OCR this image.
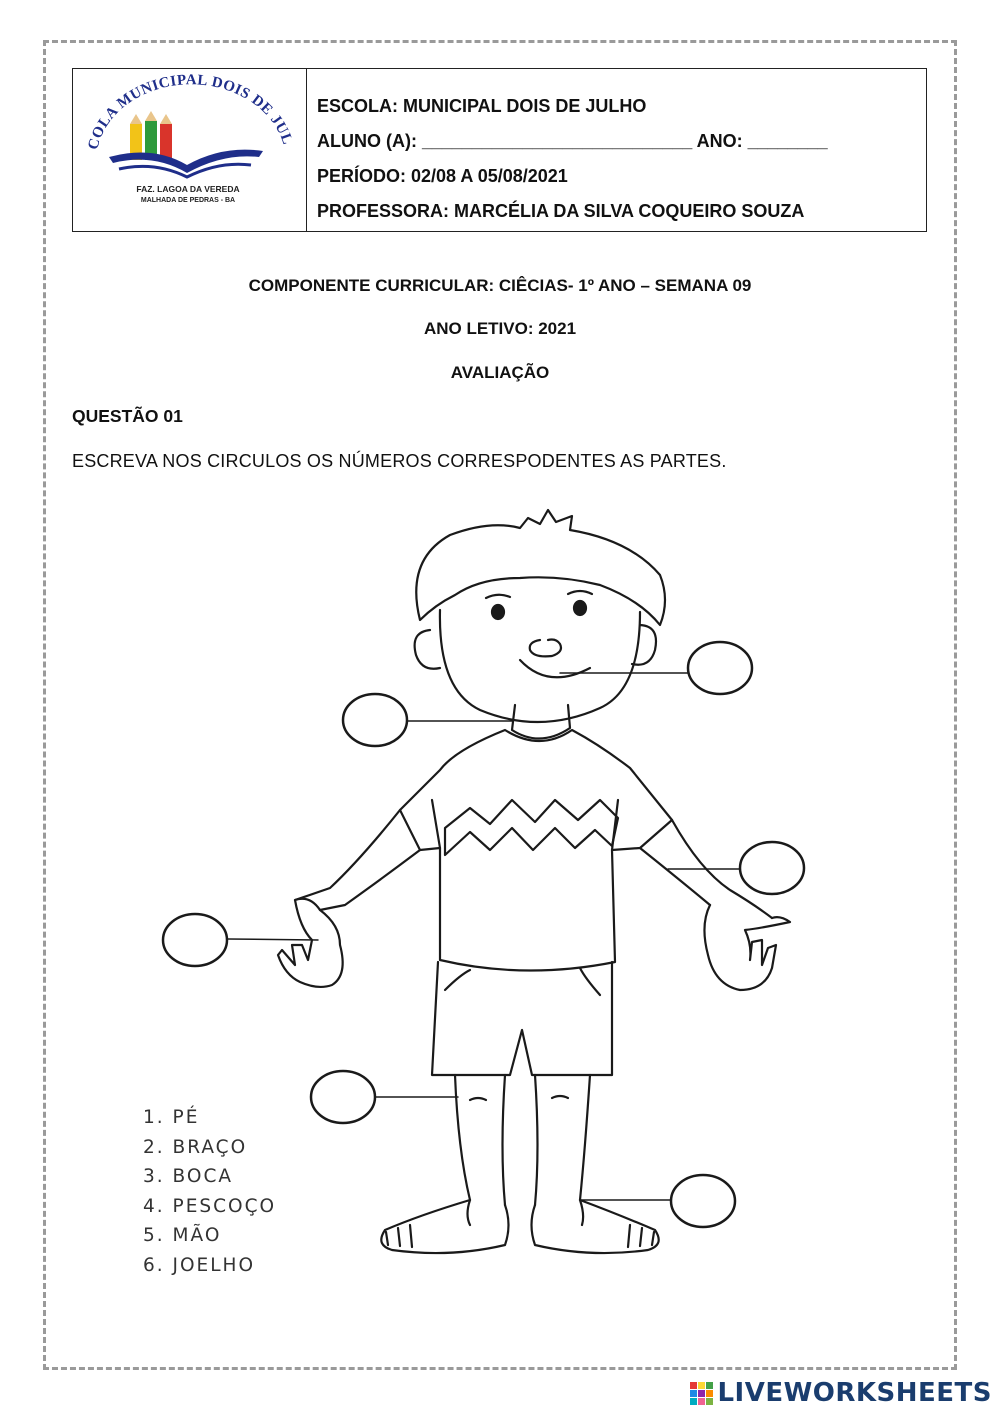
COLA MUNICIPAL DOIS DE JUL
FAZ. LAGOA DA VEREDA
MALHADA DE PEDRAS - BA
ESCOLA: MUNICIPAL DOIS DE JULHO
ALUNO (A): ___________________________ ANO: ________
PERÍODO: 02/08 A 05/08/2021
PROFESSORA: MARCÉLIA DA SILVA COQUEIRO SOUZA
COMPONENTE CURRICULAR: CIÊCIAS- 1º ANO – SEMANA 09
ANO LETIVO: 2021
AVALIAÇÃO
QUESTÃO 01
ESCREVA NOS CIRCULOS OS NÚMEROS CORRESPODENTES AS PARTES.
1. PÉ
2. BRAÇO
3. BOCA
4. PESCOÇO
5. MÃO
6. JOELHO
LIVEWORKSHEETS
